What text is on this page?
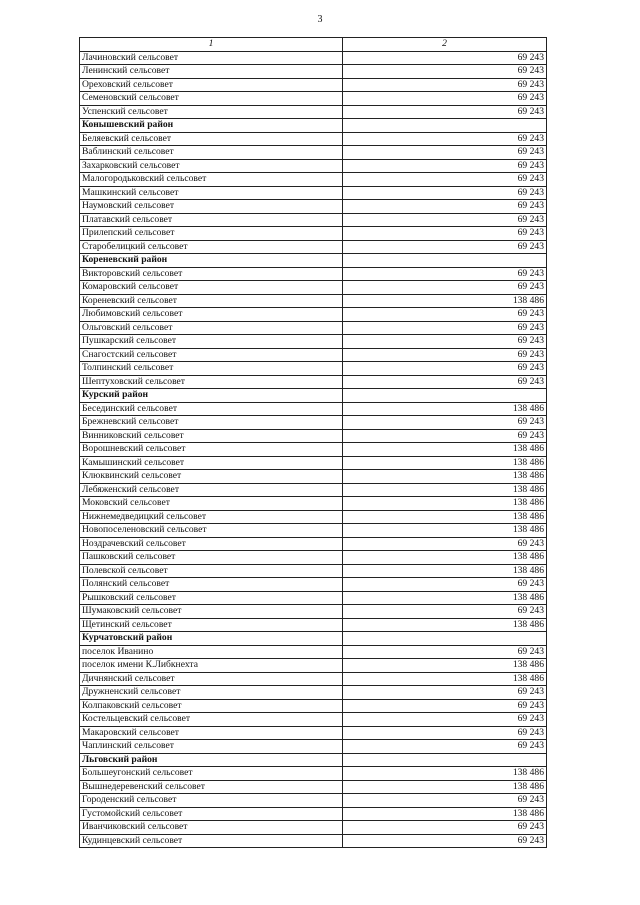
3
1	2
Лачиновский сельсовет	69 243
Ленинский сельсовет	69 243
Ореховский сельсовет	69 243
Семеновский сельсовет	69 243
Успенский сельсовет	69 243
Конышевский район	
Беляевский сельсовет	69 243
Ваблинский сельсовет	69 243
Захарковский сельсовет	69 243
Малогородьковский сельсовет	69 243
Машкинский сельсовет	69 243
Наумовский сельсовет	69 243
Платавский сельсовет	69 243
Прилепский сельсовет	69 243
Старобелицкий сельсовет	69 243
Кореневский район	
Викторовский сельсовет	69 243
Комаровский сельсовет	69 243
Кореневский сельсовет	138 486
Любимовский сельсовет	69 243
Ольговский сельсовет	69 243
Пушкарский сельсовет	69 243
Снагостский сельсовет	69 243
Толпинский сельсовет	69 243
Шептуховский сельсовет	69 243
Курский район	
Бесединский сельсовет	138 486
Брежневский сельсовет	69 243
Винниковский сельсовет	69 243
Ворошневский сельсовет	138 486
Камышинский сельсовет	138 486
Клюквинский сельсовет	138 486
Лебяженский сельсовет	138 486
Моковский сельсовет	138 486
Нижнемедведицкий сельсовет	138 486
Новопоселеновский сельсовет	138 486
Ноздрачевский сельсовет	69 243
Пашковский сельсовет	138 486
Полевской сельсовет	138 486
Полянский сельсовет	69 243
Рышковский сельсовет	138 486
Шумаковский сельсовет	69 243
Щетинский сельсовет	138 486
Курчатовский район	
поселок Иванино	69 243
поселок имени К.Либкнехта	138 486
Дичнянский сельсовет	138 486
Дружненский сельсовет	69 243
Колпаковский сельсовет	69 243
Костельцевский сельсовет	69 243
Макаровский сельсовет	69 243
Чаплинский сельсовет	69 243
Льговский район	
Большеугонский сельсовет	138 486
Вышнедеревенский сельсовет	138 486
Городенский сельсовет	69 243
Густомойский сельсовет	138 486
Иванчиковский сельсовет	69 243
Кудинцевский сельсовет	69 243
